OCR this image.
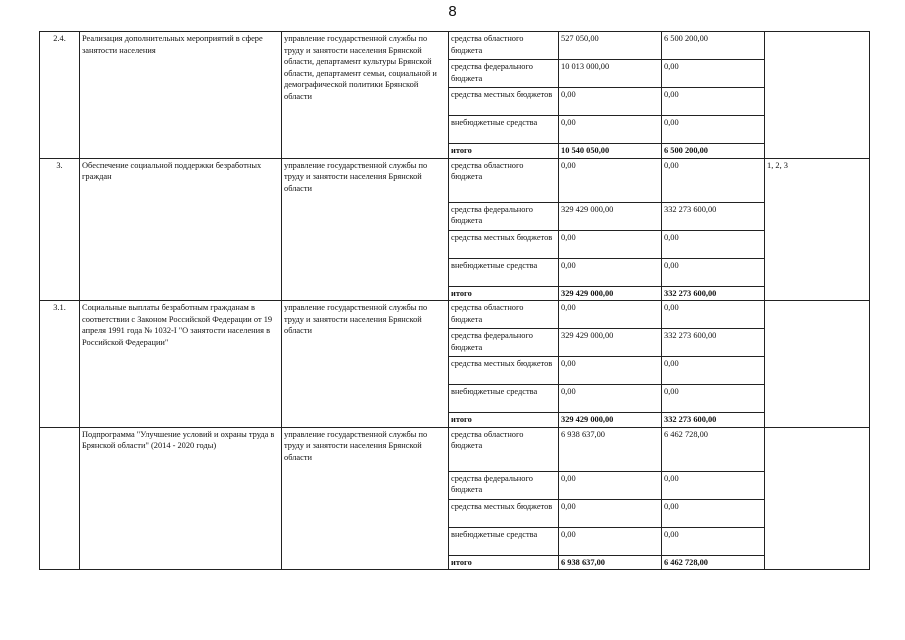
8
2.4.	Реализация дополнительных мероприятий в сфере занятости населения	управление государственной службы по труду и занятости населения Брянской области, департамент культуры Брянской области, департамент семьи, социальной и демографической политики Брянской области	средства областного бюджета	527 050,00	6 500 200,00	
			средства федерального бюджета	10 013 000,00	0,00	
			средства местных бюджетов	0,00	0,00	
			внебюджетные средства	0,00	0,00	
			итого	10 540 050,00	6 500 200,00	
3.	Обеспечение социальной поддержки безработных граждан	управление государственной службы по труду и занятости населения Брянской области	средства областного бюджета	0,00	0,00	1, 2, 3
			средства федерального бюджета	329 429 000,00	332 273 600,00	
			средства местных бюджетов	0,00	0,00	
			внебюджетные средства	0,00	0,00	
			итого	329 429 000,00	332 273 600,00	
3.1.	Социальные выплаты безработным гражданам в соответствии с Законом Российской Федерации от 19 апреля 1991 года № 1032-I "О занятости населения в Российской Федерации"	управление государственной службы по труду и занятости населения Брянской области	средства областного бюджета	0,00	0,00	
			средства федерального бюджета	329 429 000,00	332 273 600,00	
			средства местных бюджетов	0,00	0,00	
			внебюджетные средства	0,00	0,00	
			итого	329 429 000,00	332 273 600,00	
	Подпрограмма "Улучшение условий и охраны труда в Брянской области" (2014 - 2020 годы)	управление государственной службы по труду и занятости населения Брянской области	средства областного бюджета	6 938 637,00	6 462 728,00	
			средства федерального бюджета	0,00	0,00	
			средства местных бюджетов	0,00	0,00	
			внебюджетные средства	0,00	0,00	
			итого	6 938 637,00	6 462 728,00	
